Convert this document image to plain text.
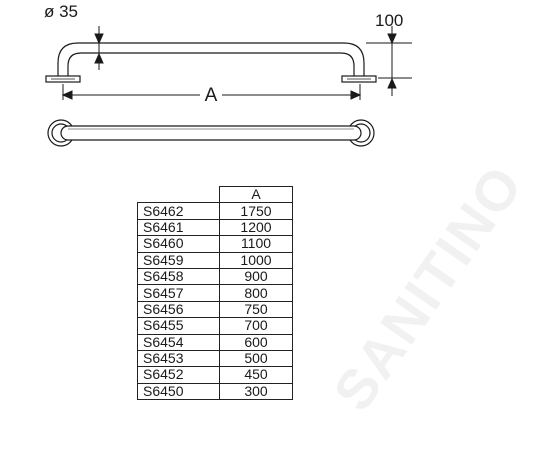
SANITINO
ø 35	100
A
	A
S6462	1750
S6461	1200
S6460	1100
S6459	1000
S6458	900
S6457	800
S6456	750
S6455	700
S6454	600
S6453	500
S6452	450
S6450	300
